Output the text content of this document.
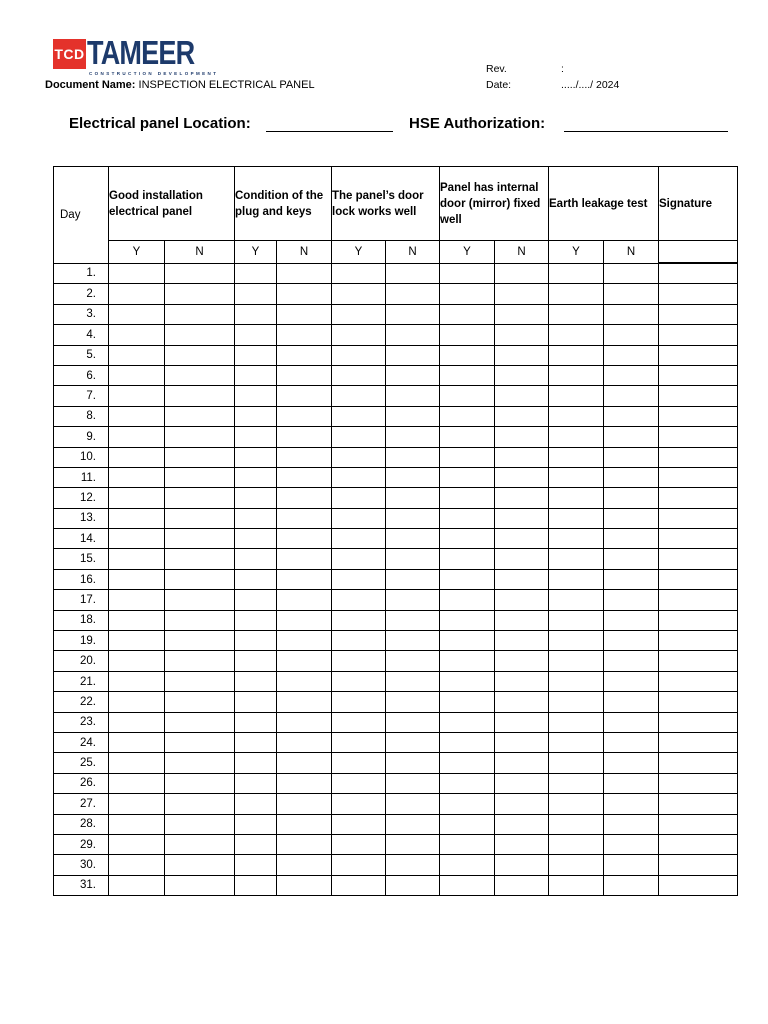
TCD TAMEER
CONSTRUCTION DEVELOPMENT
Document Name: INSPECTION ELECTRICAL PANEL
Rev.	:
Date:	...../..../ 2024
Electrical panel Location:	HSE Authorization:
Day	Good installation electrical panel		Condition of the plug and keys		The panel’s door lock works well		Panel has internal door (mirror) fixed well		Earth leakage test		Signature
	Y	N	Y	N	Y	N	Y	N	Y	N	
1.											
2.											
3.											
4.											
5.											
6.											
7.											
8.											
9.											
10.											
11.											
12.											
13.											
14.											
15.											
16.											
17.											
18.											
19.											
20.											
21.											
22.											
23.											
24.											
25.											
26.											
27.											
28.											
29.											
30.											
31.											
